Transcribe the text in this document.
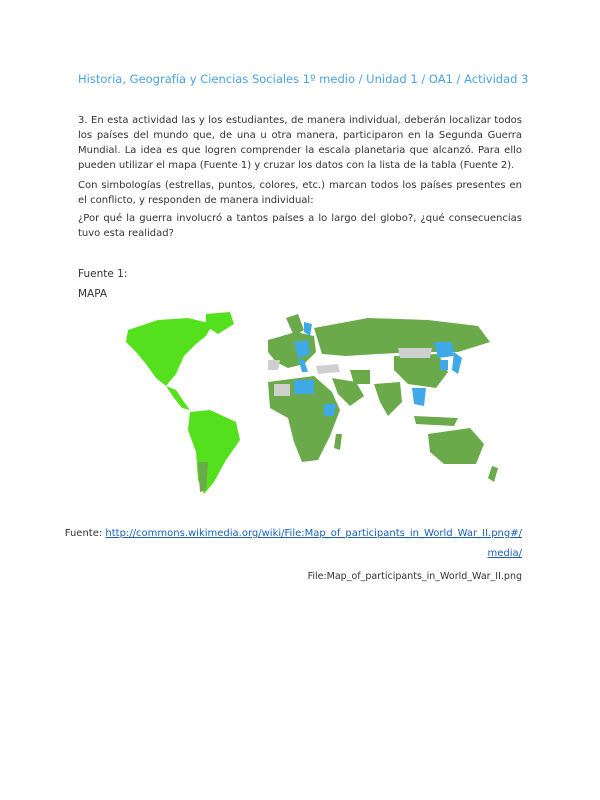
Historia, Geografía y Ciencias Sociales 1º medio / Unidad 1 / OA1 / Actividad 3
3. En esta actividad las y los estudiantes, de manera individual, deberán localizar todos los países del mundo que, de una u otra manera, participaron en la Segunda Guerra Mundial. La idea es que logren comprender la escala planetaria que alcanzó. Para ello pueden utilizar el mapa (Fuente 1) y cruzar los datos con la lista de la tabla (Fuente 2).
Con simbologías (estrellas, puntos, colores, etc.) marcan todos los países presentes en el conflicto, y responden de manera individual:
¿Por qué la guerra involucró a tantos países a lo largo del globo?, ¿qué consecuencias tuvo esta realidad?
Fuente 1:
MAPA
Fuente: http://commons.wikimedia.org/wiki/File:Map_of_participants_in_World_War_II.png#/
media/
File:Map_of_participants_in_World_War_II.png
